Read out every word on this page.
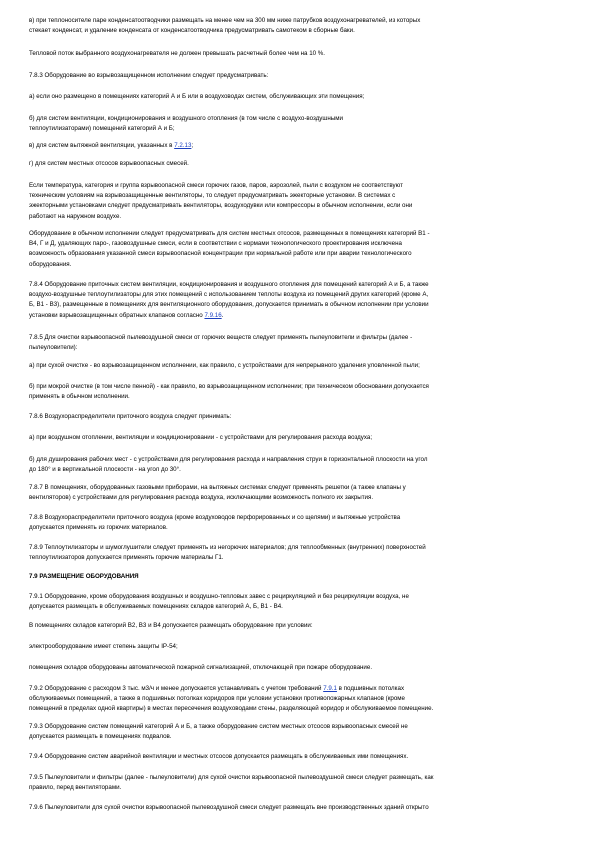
в) при теплоносителе паре конденсатоотводчики размещать на менее чем на 300 мм ниже патрубков воздухонагревателей, из которых
стекает конденсат, и удаление конденсата от конденсатоотводчика предусматривать самотеком в сборные баки.

Тепловой поток выбранного воздухонагревателя не должен превышать расчетный более чем на 10 %.

7.8.3 Оборудование во взрывозащищенном исполнении следует предусматривать:

а) если оно размещено в помещениях категорий А и Б или в воздуховодах систем, обслуживающих эти помещения;

б) для систем вентиляции, кондиционирования и воздушного отопления (в том числе с воздухо-воздушными
теплоутилизаторами) помещений категорий А и Б;

в) для систем вытяжной вентиляции, указанных в 7.2.13;

г) для систем местных отсосов взрывоопасных смесей.

Если температура, категория и группа взрывоопасной смеси горючих газов, паров, аэрозолей, пыли с воздухом не соответствуют
техническим условиям на взрывозащищенные вентиляторы, то следует предусматривать эжекторные установки. В системах с
эжекторными установками следует предусматривать вентиляторы, воздуходувки или компрессоры в обычном исполнении, если они
работают на наружном воздухе.

Оборудование в обычном исполнении следует предусматривать для систем местных отсосов, размещенных в помещениях категорий В1 -
В4, Г и Д, удаляющих паро-, газовоздушные смеси, если в соответствии с нормами технологического проектирования исключена
возможность образования указанной смеси взрывоопасной концентрации при нормальной работе или при аварии технологического
оборудования.

7.8.4 Оборудование приточных систем вентиляции, кондиционирования и воздушного отопления для помещений категорий А и Б, а также
воздухо-воздушные теплоутилизаторы для этих помещений с использованием теплоты воздуха из помещений других категорий (кроме А,
Б, В1 - В3), размещенные в помещениях для вентиляционного оборудования, допускается принимать в обычном исполнении при условии
установки взрывозащищенных обратных клапанов согласно 7.9.16.

7.8.5 Для очистки взрывоопасной пылевоздушной смеси от горючих веществ следует применять пылеуловители и фильтры (далее -
пылеуловители):

а) при сухой очистке - во взрывозащищенном исполнении, как правило, с устройствами для непрерывного удаления уловленной пыли;

б) при мокрой очистке (в том числе пенной) - как правило, во взрывозащищенном исполнении; при техническом обосновании допускается
применять в обычном исполнении.

7.8.6 Воздухораспределители приточного воздуха следует принимать:

а) при воздушном отоплении, вентиляции и кондиционировании - с устройствами для регулирования расхода воздуха;

б) для душирования рабочих мест - с устройствами для регулирования расхода и направления струи в горизонтальной плоскости на угол
до 180° и в вертикальной плоскости - на угол до 30°.

7.8.7 В помещениях, оборудованных газовыми приборами, на вытяжных системах следует применять решетки (а также клапаны у
вентиляторов) с устройствами для регулирования расхода воздуха, исключающими возможность полного их закрытия.

7.8.8 Воздухораспределители приточного воздуха (кроме воздуховодов перфорированных и со щелями) и вытяжные устройства
допускается применять из горючих материалов.

7.8.9 Теплоутилизаторы и шумоглушители следует применять из негорючих материалов; для теплообменных (внутренних) поверхностей
теплоутилизаторов допускается применять горючие материалы Г1.

7.9 РАЗМЕЩЕНИЕ ОБОРУДОВАНИЯ

7.9.1 Оборудование, кроме оборудования воздушных и воздушно-тепловых завес с рециркуляцией и без рециркуляции воздуха, не
допускается размещать в обслуживаемых помещениях складов категорий А, Б, В1 - В4.

В помещениях складов категорий В2, В3 и В4 допускается размещать оборудование при условии:

электрооборудование имеет степень защиты IP-54;

помещения складов оборудованы автоматической пожарной сигнализацией, отключающей при пожаре оборудование.

7.9.2 Оборудование с расходом 3 тыс. м3/ч и менее допускается устанавливать с учетом требований 7.9.1 в подшивных потолках
обслуживаемых помещений, а также в подшивных потолках коридоров при условии установки противопожарных клапанов (кроме
помещений в пределах одной квартиры) в местах пересечения воздуховодами стены, разделяющей коридор и обслуживаемое помещение.

7.9.3 Оборудование систем помещений категорий А и Б, а также оборудование систем местных отсосов взрывоопасных смесей не
допускается размещать в помещениях подвалов.

7.9.4 Оборудование систем аварийной вентиляции и местных отсосов допускается размещать в обслуживаемых ими помещениях.

7.9.5 Пылеуловители и фильтры (далее - пылеуловители) для сухой очистки взрывоопасной пылевоздушной смеси следует размещать, как
правило, перед вентиляторами.

7.9.6 Пылеуловители для сухой очистки взрывоопасной пылевоздушной смеси следует размещать вне производственных зданий открыто
